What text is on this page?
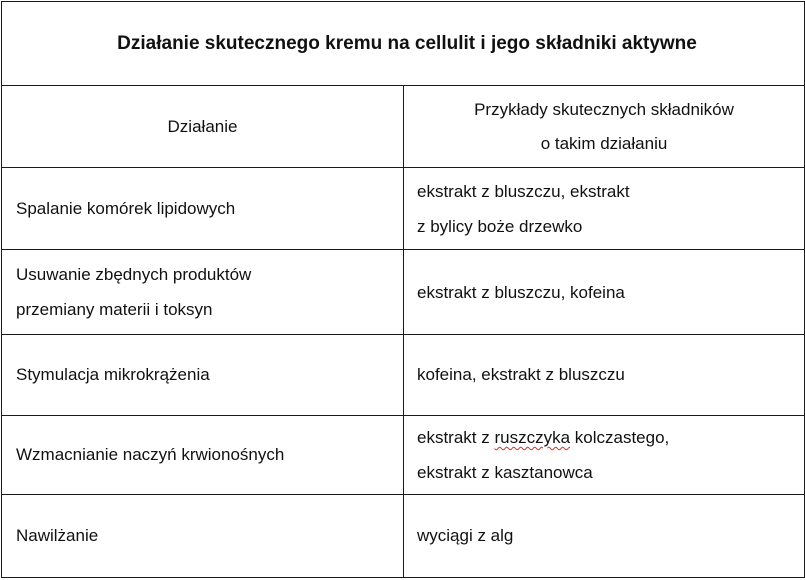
Działanie skutecznego kremu na cellulit i jego składniki aktywne	
Działanie	Przykłady skutecznych składników
o takim działaniu

Spalanie komórek lipidowych	ekstrakt z bluszczu, ekstrakt
z bylicy boże drzewko

Usuwanie zbędnych produktów
przemiany materii i toksyn	ekstrakt z bluszczu, kofeina

Stymulacja mikrokrążenia	kofeina, ekstrakt z bluszczu

Wzmacnianie naczyń krwionośnych	ekstrakt z ruszczyka kolczastego,
ekstrakt z kasztanowca

Nawilżanie	wyciągi z alg
